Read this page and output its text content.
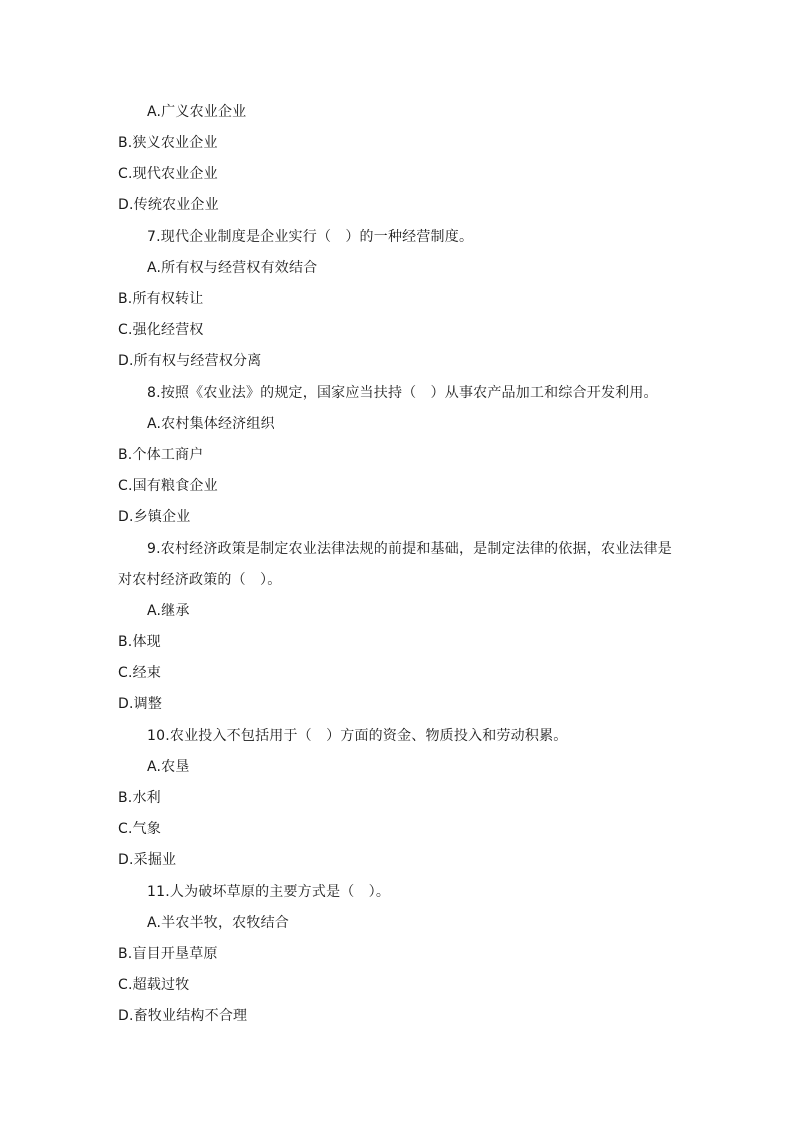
A.广义农业企业
B.狭义农业企业
C.现代农业企业
D.传统农业企业
7.现代企业制度是企业实行（　）的一种经营制度。
A.所有权与经营权有效结合
B.所有权转让
C.强化经营权
D.所有权与经营权分离
8.按照《农业法》的规定，国家应当扶持（　）从事农产品加工和综合开发利用。
A.农村集体经济组织
B.个体工商户
C.国有粮食企业
D.乡镇企业
9.农村经济政策是制定农业法律法规的前提和基础，是制定法律的依据，农业法律是
对农村经济政策的（　）。
A.继承
B.体现
C.经束
D.调整
10.农业投入不包括用于（　）方面的资金、物质投入和劳动积累。
A.农垦
B.水利
C.气象
D.采掘业
11.人为破坏草原的主要方式是（　）。
A.半农半牧，农牧结合
B.盲目开垦草原
C.超载过牧
D.畜牧业结构不合理
